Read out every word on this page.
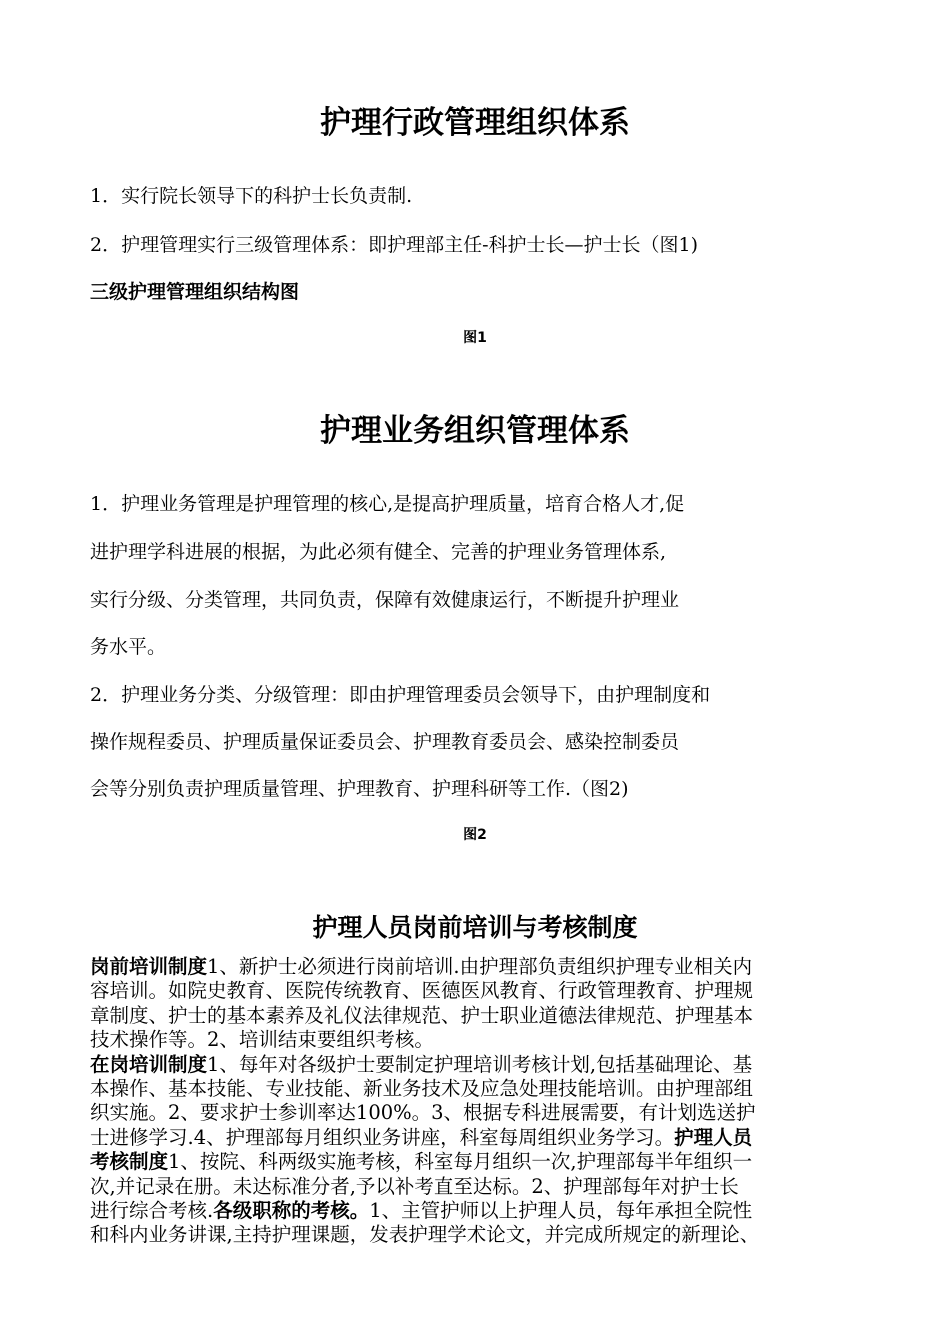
护理行政管理组织体系
1．实行院长领导下的科护士长负责制.
2．护理管理实行三级管理体系：即护理部主任-科护士长—护士长（图1)
三级护理管理组织结构图
图1
护理业务组织管理体系
1．护理业务管理是护理管理的核心,是提高护理质量，培育合格人才,促
进护理学科进展的根据，为此必须有健全、完善的护理业务管理体系,
实行分级、分类管理，共同负责，保障有效健康运行，不断提升护理业
务水平。
2．护理业务分类、分级管理：即由护理管理委员会领导下，由护理制度和
操作规程委员、护理质量保证委员会、护理教育委员会、感染控制委员
会等分别负责护理质量管理、护理教育、护理科研等工作.（图2)
图2
护理人员岗前培训与考核制度
岗前培训制度1、新护士必须进行岗前培训.由护理部负责组织护理专业相关内
容培训。如院史教育、医院传统教育、医德医风教育、行政管理教育、护理规
章制度、护士的基本素养及礼仪法律规范、护士职业道德法律规范、护理基本
技术操作等。2、培训结束要组织考核。
在岗培训制度1、每年对各级护士要制定护理培训考核计划,包括基础理论、基
本操作、基本技能、专业技能、新业务技术及应急处理技能培训。由护理部组
织实施。2、要求护士参训率达100%。3、根据专科进展需要，有计划选送护
士进修学习.4、护理部每月组织业务讲座，科室每周组织业务学习。护理人员
考核制度1、按院、科两级实施考核，科室每月组织一次,护理部每半年组织一
次,并记录在册。未达标准分者,予以补考直至达标。2、护理部每年对护士长
进行综合考核.各级职称的考核。1、主管护师以上护理人员，每年承担全院性
和科内业务讲课,主持护理课题，发表护理学术论文，并完成所规定的新理论、
